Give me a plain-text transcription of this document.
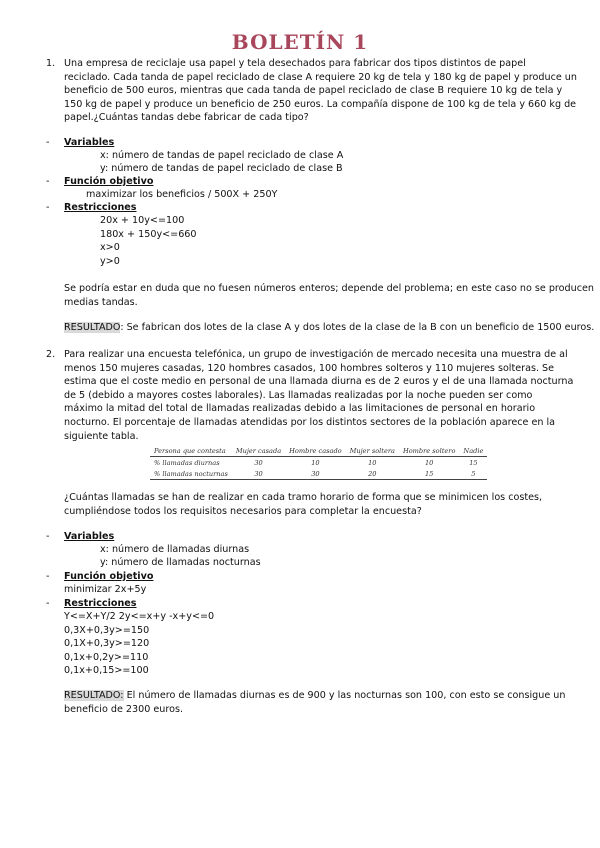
BOLETÍN 1
1. Una empresa de reciclaje usa papel y tela desechados para fabricar dos tipos distintos de papel
reciclado. Cada tanda de papel reciclado de clase A requiere 20 kg de tela y 180 kg de papel y produce un
beneficio de 500 euros, mientras que cada tanda de papel reciclado de clase B requiere 10 kg de tela y
150 kg de papel y produce un beneficio de 250 euros. La compañía dispone de 100 kg de tela y 660 kg de
papel.¿Cuántas tandas debe fabricar de cada tipo?
- Variables
x: número de tandas de papel reciclado de clase A
y: número de tandas de papel reciclado de clase B
- Función objetivo
maximizar los beneficios / 500X + 250Y
- Restricciones
20x + 10y<=100
180x + 150y<=660
x>0
y>0
Se podría estar en duda que no fuesen números enteros; depende del problema; en este caso no se producen
medias tandas.
RESULTADO: Se fabrican dos lotes de la clase A y dos lotes de la clase de la B con un beneficio de 1500 euros.
2. Para realizar una encuesta telefónica, un grupo de investigación de mercado necesita una muestra de al
menos 150 mujeres casadas, 120 hombres casados, 100 hombres solteros y 110 mujeres solteras. Se
estima que el coste medio en personal de una llamada diurna es de 2 euros y el de una llamada nocturna
de 5 (debido a mayores costes laborales). Las llamadas realizadas por la noche pueden ser como
máximo la mitad del total de llamadas realizadas debido a las limitaciones de personal en horario
nocturno. El porcentaje de llamadas atendidas por los distintos sectores de la población aparece en la
siguiente tabla.
Persona que contesta	Mujer casada	Hombre casado	Mujer soltera	Hombre soltero	Nadie
% llamadas diurnas	30	10	10	10	15
% llamadas nocturnas	30	30	20	15	5
¿Cuántas llamadas se han de realizar en cada tramo horario de forma que se minimicen los costes,
cumpliéndose todos los requisitos necesarios para completar la encuesta?
- Variables
x: número de llamadas diurnas
y: número de llamadas nocturnas
- Función objetivo
minimizar 2x+5y
- Restricciones
Y<=X+Y/2 2y<=x+y -x+y<=0
0,3X+0,3y>=150
0,1X+0,3y>=120
0,1x+0,2y>=110
0,1x+0,15>=100
RESULTADO: El número de llamadas diurnas es de 900 y las nocturnas son 100, con esto se consigue un
beneficio de 2300 euros.
